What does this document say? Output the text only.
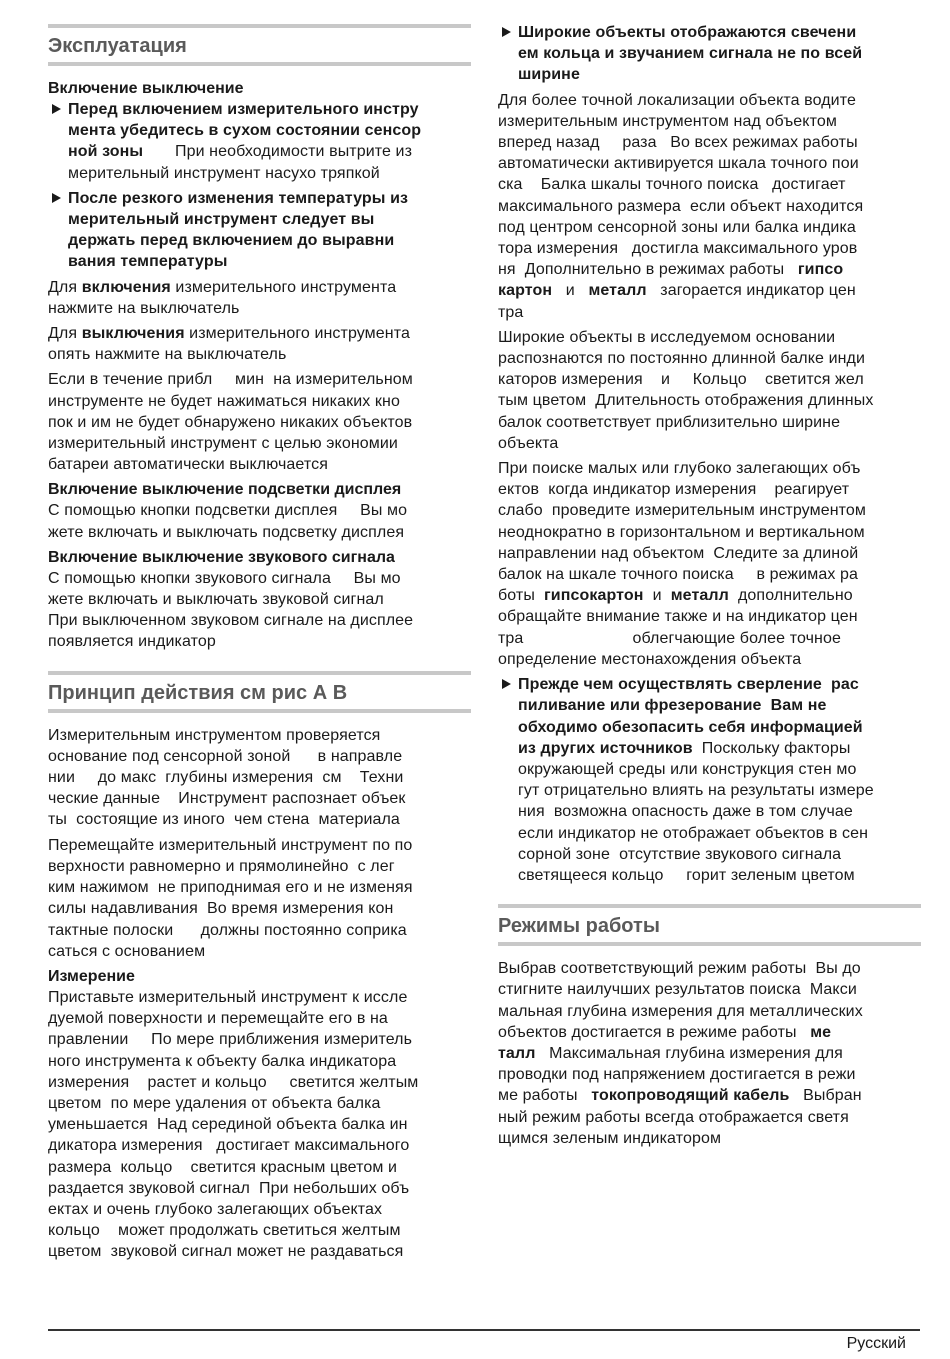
Эксплуатация
Включение выключение
Перед включением измерительного инстру
мента убедитесь в сухом состоянии сенсор
ной зоны       При необходимости вытрите из
мерительный инструмент насухо тряпкой
После резкого изменения температуры из
мерительный инструмент следует вы
держать перед включением до выравни
вания температуры
Для включения измерительного инструмента
нажмите на выключатель
Для выключения измерительного инструмента
опять нажмите на выключатель
Если в течение прибл     мин  на измерительном
инструменте не будет нажиматься никаких кно
пок и им не будет обнаружено никаких объектов
измерительный инструмент с целью экономии
батареи автоматически выключается
Включение выключение подсветки дисплея
С помощью кнопки подсветки дисплея     Вы мо
жете включать и выключать подсветку дисплея
Включение выключение звукового сигнала
С помощью кнопки звукового сигнала     Вы мо
жете включать и выключать звуковой сигнал
При выключенном звуковом сигнале на дисплее
появляется индикатор
Принцип действия см рис А В
Измерительным инструментом проверяется
основание под сенсорной зоной      в направле
нии     до макс  глубины измерения  см    Техни
ческие данные    Инструмент распознает объек
ты  состоящие из иного  чем стена  материала
Перемещайте измерительный инструмент по по
верхности равномерно и прямолинейно  с лег
ким нажимом  не приподнимая его и не изменяя
силы надавливания  Во время измерения кон
тактные полоски      должны постоянно соприка
саться с основанием
Измерение
Приставьте измерительный инструмент к иссле
дуемой поверхности и перемещайте его в на
правлении     По мере приближения измеритель
ного инструмента к объекту балка индикатора
измерения    растет и кольцо     светится желтым
цветом  по мере удаления от объекта балка
уменьшается  Над серединой объекта балка ин
дикатора измерения   достигает максимального
размера  кольцо    светится красным цветом и
раздается звуковой сигнал  При небольших объ
ектах и очень глубоко залегающих объектах
кольцо    может продолжать светиться желтым
цветом  звуковой сигнал может не раздаваться
Широкие объекты отображаются свечени
ем кольца и звучанием сигнала не по всей
ширине
Для более точной локализации объекта водите
измерительным инструментом над объектом
вперед назад     раза   Во всех режимах работы
автоматически активируется шкала точного пои
ска    Балка шкалы точного поиска   достигает
максимального размера  если объект находится
под центром сенсорной зоны или балка индика
тора измерения   достигла максимального уров
ня  Дополнительно в режимах работы   гипсо
картон   и   металл   загорается индикатор цен
тра
Широкие объекты в исследуемом основании
распознаются по постоянно длинной балке инди
каторов измерения    и     Кольцо    светится жел
тым цветом  Длительность отображения длинных
балок соответствует приблизительно ширине
объекта
При поиске малых или глубоко залегающих объ
ектов  когда индикатор измерения    реагирует
слабо  проведите измерительным инструментом
неоднократно в горизонтальном и вертикальном
направлении над объектом  Следите за длиной
балок на шкале точного поиска     в режимах ра
боты  гипсокартон  и  металл  дополнительно
обращайте внимание также и на индикатор цен
тра                        облегчающие более точное
определение местонахождения объекта
Прежде чем осуществлять сверление  рас
пиливание или фрезерование  Вам не
обходимо обезопасить себя информацией
из других источников  Поскольку факторы
окружающей среды или конструкция стен мо
гут отрицательно влиять на результаты измере
ния  возможна опасность даже в том случае
если индикатор не отображает объектов в сен
сорной зоне  отсутствие звукового сигнала
светящееся кольцо     горит зеленым цветом
Режимы работы
Выбрав соответствующий режим работы  Вы до
стигните наилучших результатов поиска  Макси
мальная глубина измерения для металлических
объектов достигается в режиме работы   ме
талл   Максимальная глубина измерения для
проводки под напряжением достигается в режи
ме работы   токопроводящий кабель   Выбран
ный режим работы всегда отображается светя
щимся зеленым индикатором
Русский
